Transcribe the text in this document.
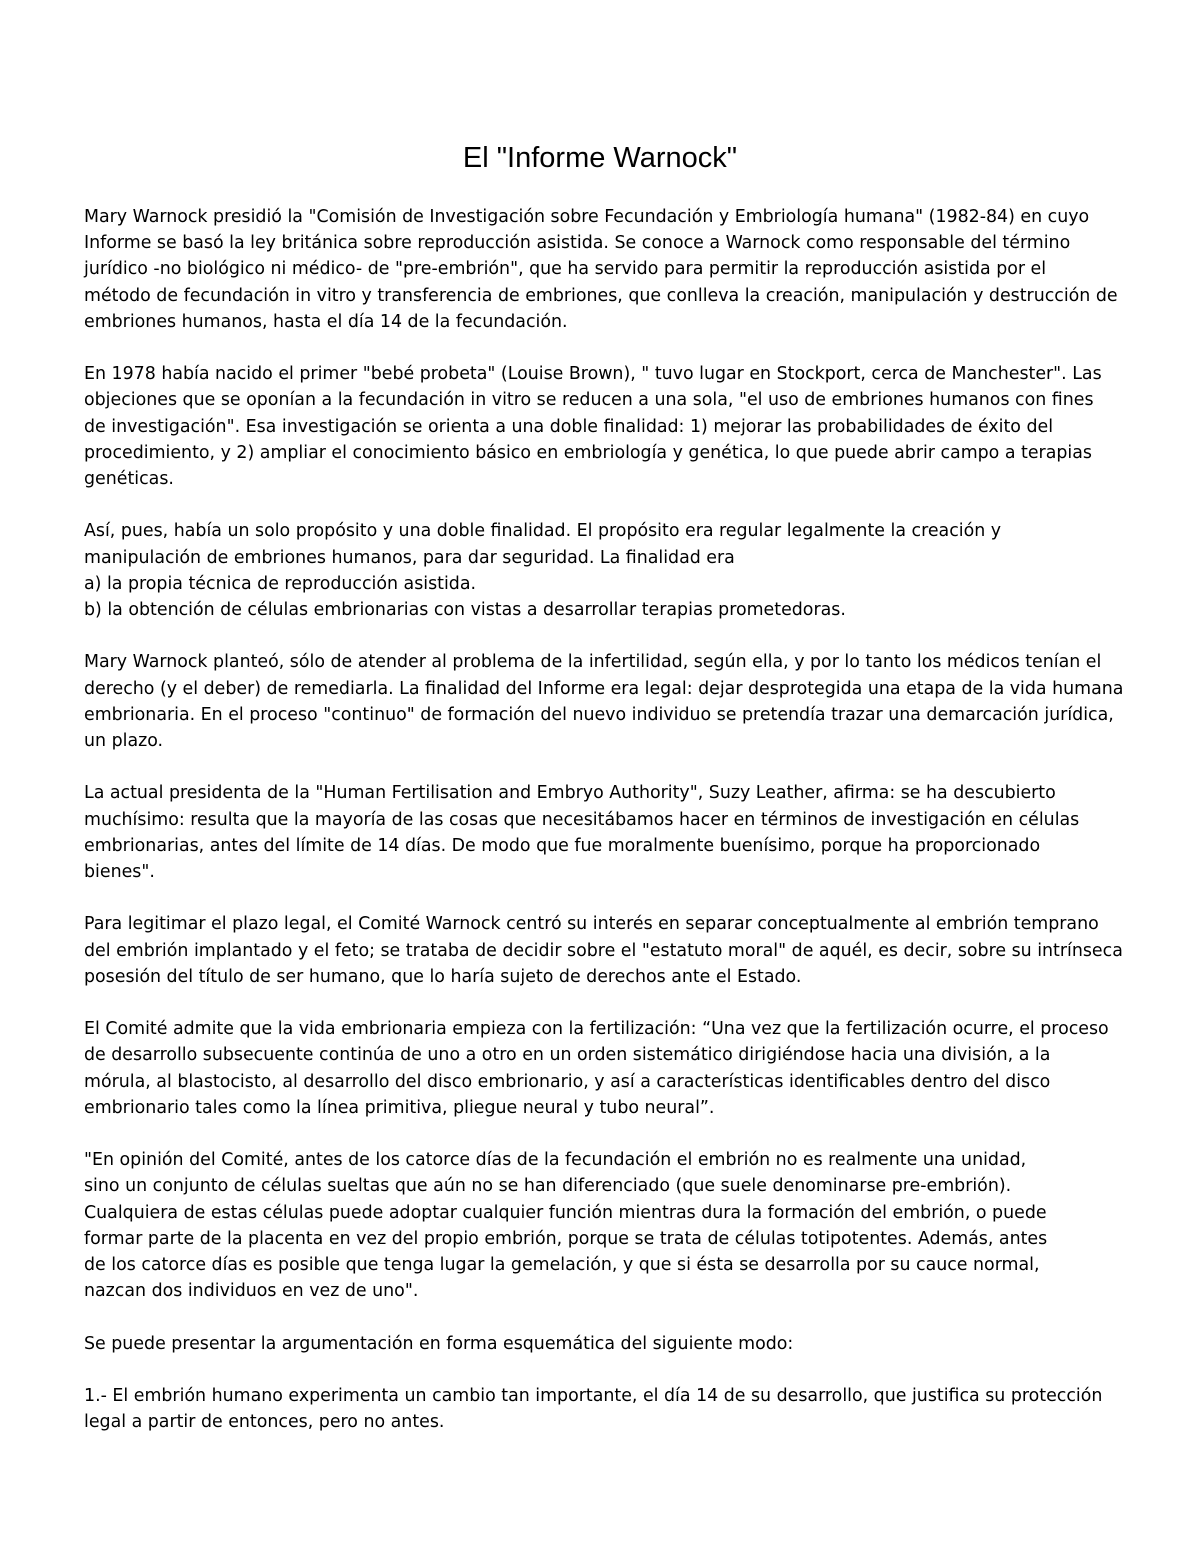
El "Informe Warnock"

Mary Warnock presidió la "Comisión de Investigación sobre Fecundación y Embriología humana" (1982-84) en cuyo
Informe se basó la ley británica sobre reproducción asistida. Se conoce a Warnock como responsable del término
jurídico -no biológico ni médico- de "pre-embrión", que ha servido para permitir la reproducción asistida por el
método de fecundación in vitro y transferencia de embriones, que conlleva la creación, manipulación y destrucción de
embriones humanos, hasta el día 14 de la fecundación.

En 1978 había nacido el primer "bebé probeta" (Louise Brown), " tuvo lugar en Stockport, cerca de Manchester". Las
objeciones que se oponían a la fecundación in vitro se reducen a una sola, "el uso de embriones humanos con fines
de investigación". Esa investigación se orienta a una doble finalidad: 1) mejorar las probabilidades de éxito del
procedimiento, y 2) ampliar el conocimiento básico en embriología y genética, lo que puede abrir campo a terapias
genéticas.

Así, pues, había un solo propósito y una doble finalidad. El propósito era regular legalmente la creación y
manipulación de embriones humanos, para dar seguridad. La finalidad era
a) la propia técnica de reproducción asistida.
b) la obtención de células embrionarias con vistas a desarrollar terapias prometedoras.

Mary Warnock planteó, sólo de atender al problema de la infertilidad, según ella, y por lo tanto los médicos tenían el
derecho (y el deber) de remediarla. La finalidad del Informe era legal: dejar desprotegida una etapa de la vida humana
embrionaria. En el proceso "continuo" de formación del nuevo individuo se pretendía trazar una demarcación jurídica,
un plazo.

La actual presidenta de la "Human Fertilisation and Embryo Authority", Suzy Leather, afirma: se ha descubierto
muchísimo: resulta que la mayoría de las cosas que necesitábamos hacer en términos de investigación en células
embrionarias, antes del límite de 14 días. De modo que fue moralmente buenísimo, porque ha proporcionado
bienes".

Para legitimar el plazo legal, el Comité Warnock centró su interés en separar conceptualmente al embrión temprano
del embrión implantado y el feto; se trataba de decidir sobre el "estatuto moral" de aquél, es decir, sobre su intrínseca
posesión del título de ser humano, que lo haría sujeto de derechos ante el Estado.

El Comité admite que la vida embrionaria empieza con la fertilización: “Una vez que la fertilización ocurre, el proceso
de desarrollo subsecuente continúa de uno a otro en un orden sistemático dirigiéndose hacia una división, a la
mórula, al blastocisto, al desarrollo del disco embrionario, y así a características identificables dentro del disco
embrionario tales como la línea primitiva, pliegue neural y tubo neural”.

"En opinión del Comité, antes de los catorce días de la fecundación el embrión no es realmente una unidad,
sino un conjunto de células sueltas que aún no se han diferenciado (que suele denominarse pre-embrión).
Cualquiera de estas células puede adoptar cualquier función mientras dura la formación del embrión, o puede
formar parte de la placenta en vez del propio embrión, porque se trata de células totipotentes. Además, antes
de los catorce días es posible que tenga lugar la gemelación, y que si ésta se desarrolla por su cauce normal,
nazcan dos individuos en vez de uno".

Se puede presentar la argumentación en forma esquemática del siguiente modo:

1.- El embrión humano experimenta un cambio tan importante, el día 14 de su desarrollo, que justifica su protección
legal a partir de entonces, pero no antes.
